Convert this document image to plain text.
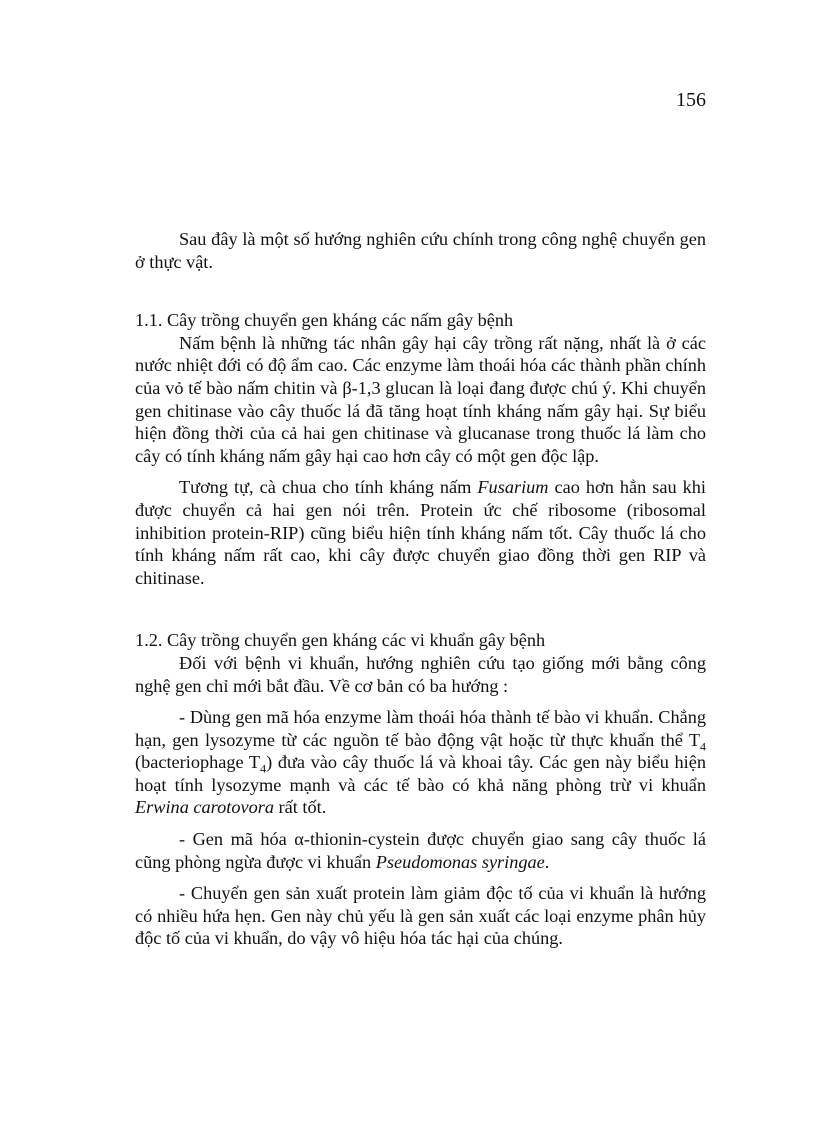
156

Sau đây là một số hướng nghiên cứu chính trong công nghệ chuyển gen ở thực vật.

1.1. Cây trồng chuyển gen kháng các nấm gây bệnh

Nấm bệnh là những tác nhân gây hại cây trồng rất nặng, nhất là ở các nước nhiệt đới có độ ẩm cao. Các enzyme làm thoái hóa các thành phần chính của vỏ tế bào nấm chitin và β-1,3 glucan là loại đang được chú ý. Khi chuyển gen chitinase vào cây thuốc lá đã tăng hoạt tính kháng nấm gây hại. Sự biểu hiện đồng thời của cả hai gen chitinase và glucanase trong thuốc lá làm cho cây có tính kháng nấm gây hại cao hơn cây có một gen độc lập.

Tương tự, cà chua cho tính kháng nấm Fusarium cao hơn hẳn sau khi được chuyển cả hai gen nói trên. Protein ức chế ribosome (ribosomal inhibition protein-RIP) cũng biểu hiện tính kháng nấm tốt. Cây thuốc lá cho tính kháng nấm rất cao, khi cây được chuyển giao đồng thời gen RIP và chitinase.

1.2. Cây trồng chuyển gen kháng các vi khuẩn gây bệnh

Đối với bệnh vi khuẩn, hướng nghiên cứu tạo giống mới bằng công nghệ gen chỉ mới bắt đầu. Về cơ bản có ba hướng :

- Dùng gen mã hóa enzyme làm thoái hóa thành tế bào vi khuẩn. Chẳng hạn, gen lysozyme từ các nguồn tế bào động vật hoặc từ thực khuẩn thể $T_4$ (bacteriophage $T_4$) đưa vào cây thuốc lá và khoai tây. Các gen này biểu hiện hoạt tính lysozyme mạnh và các tế bào có khả năng phòng trừ vi khuẩn Erwina carotovora rất tốt.

- Gen mã hóa α-thionin-cystein được chuyển giao sang cây thuốc lá cũng phòng ngừa được vi khuẩn Pseudomonas syringae.

- Chuyển gen sản xuất protein làm giảm độc tố của vi khuẩn là hướng có nhiều hứa hẹn. Gen này chủ yếu là gen sản xuất các loại enzyme phân hủy độc tố của vi khuẩn, do vậy vô hiệu hóa tác hại của chúng.
